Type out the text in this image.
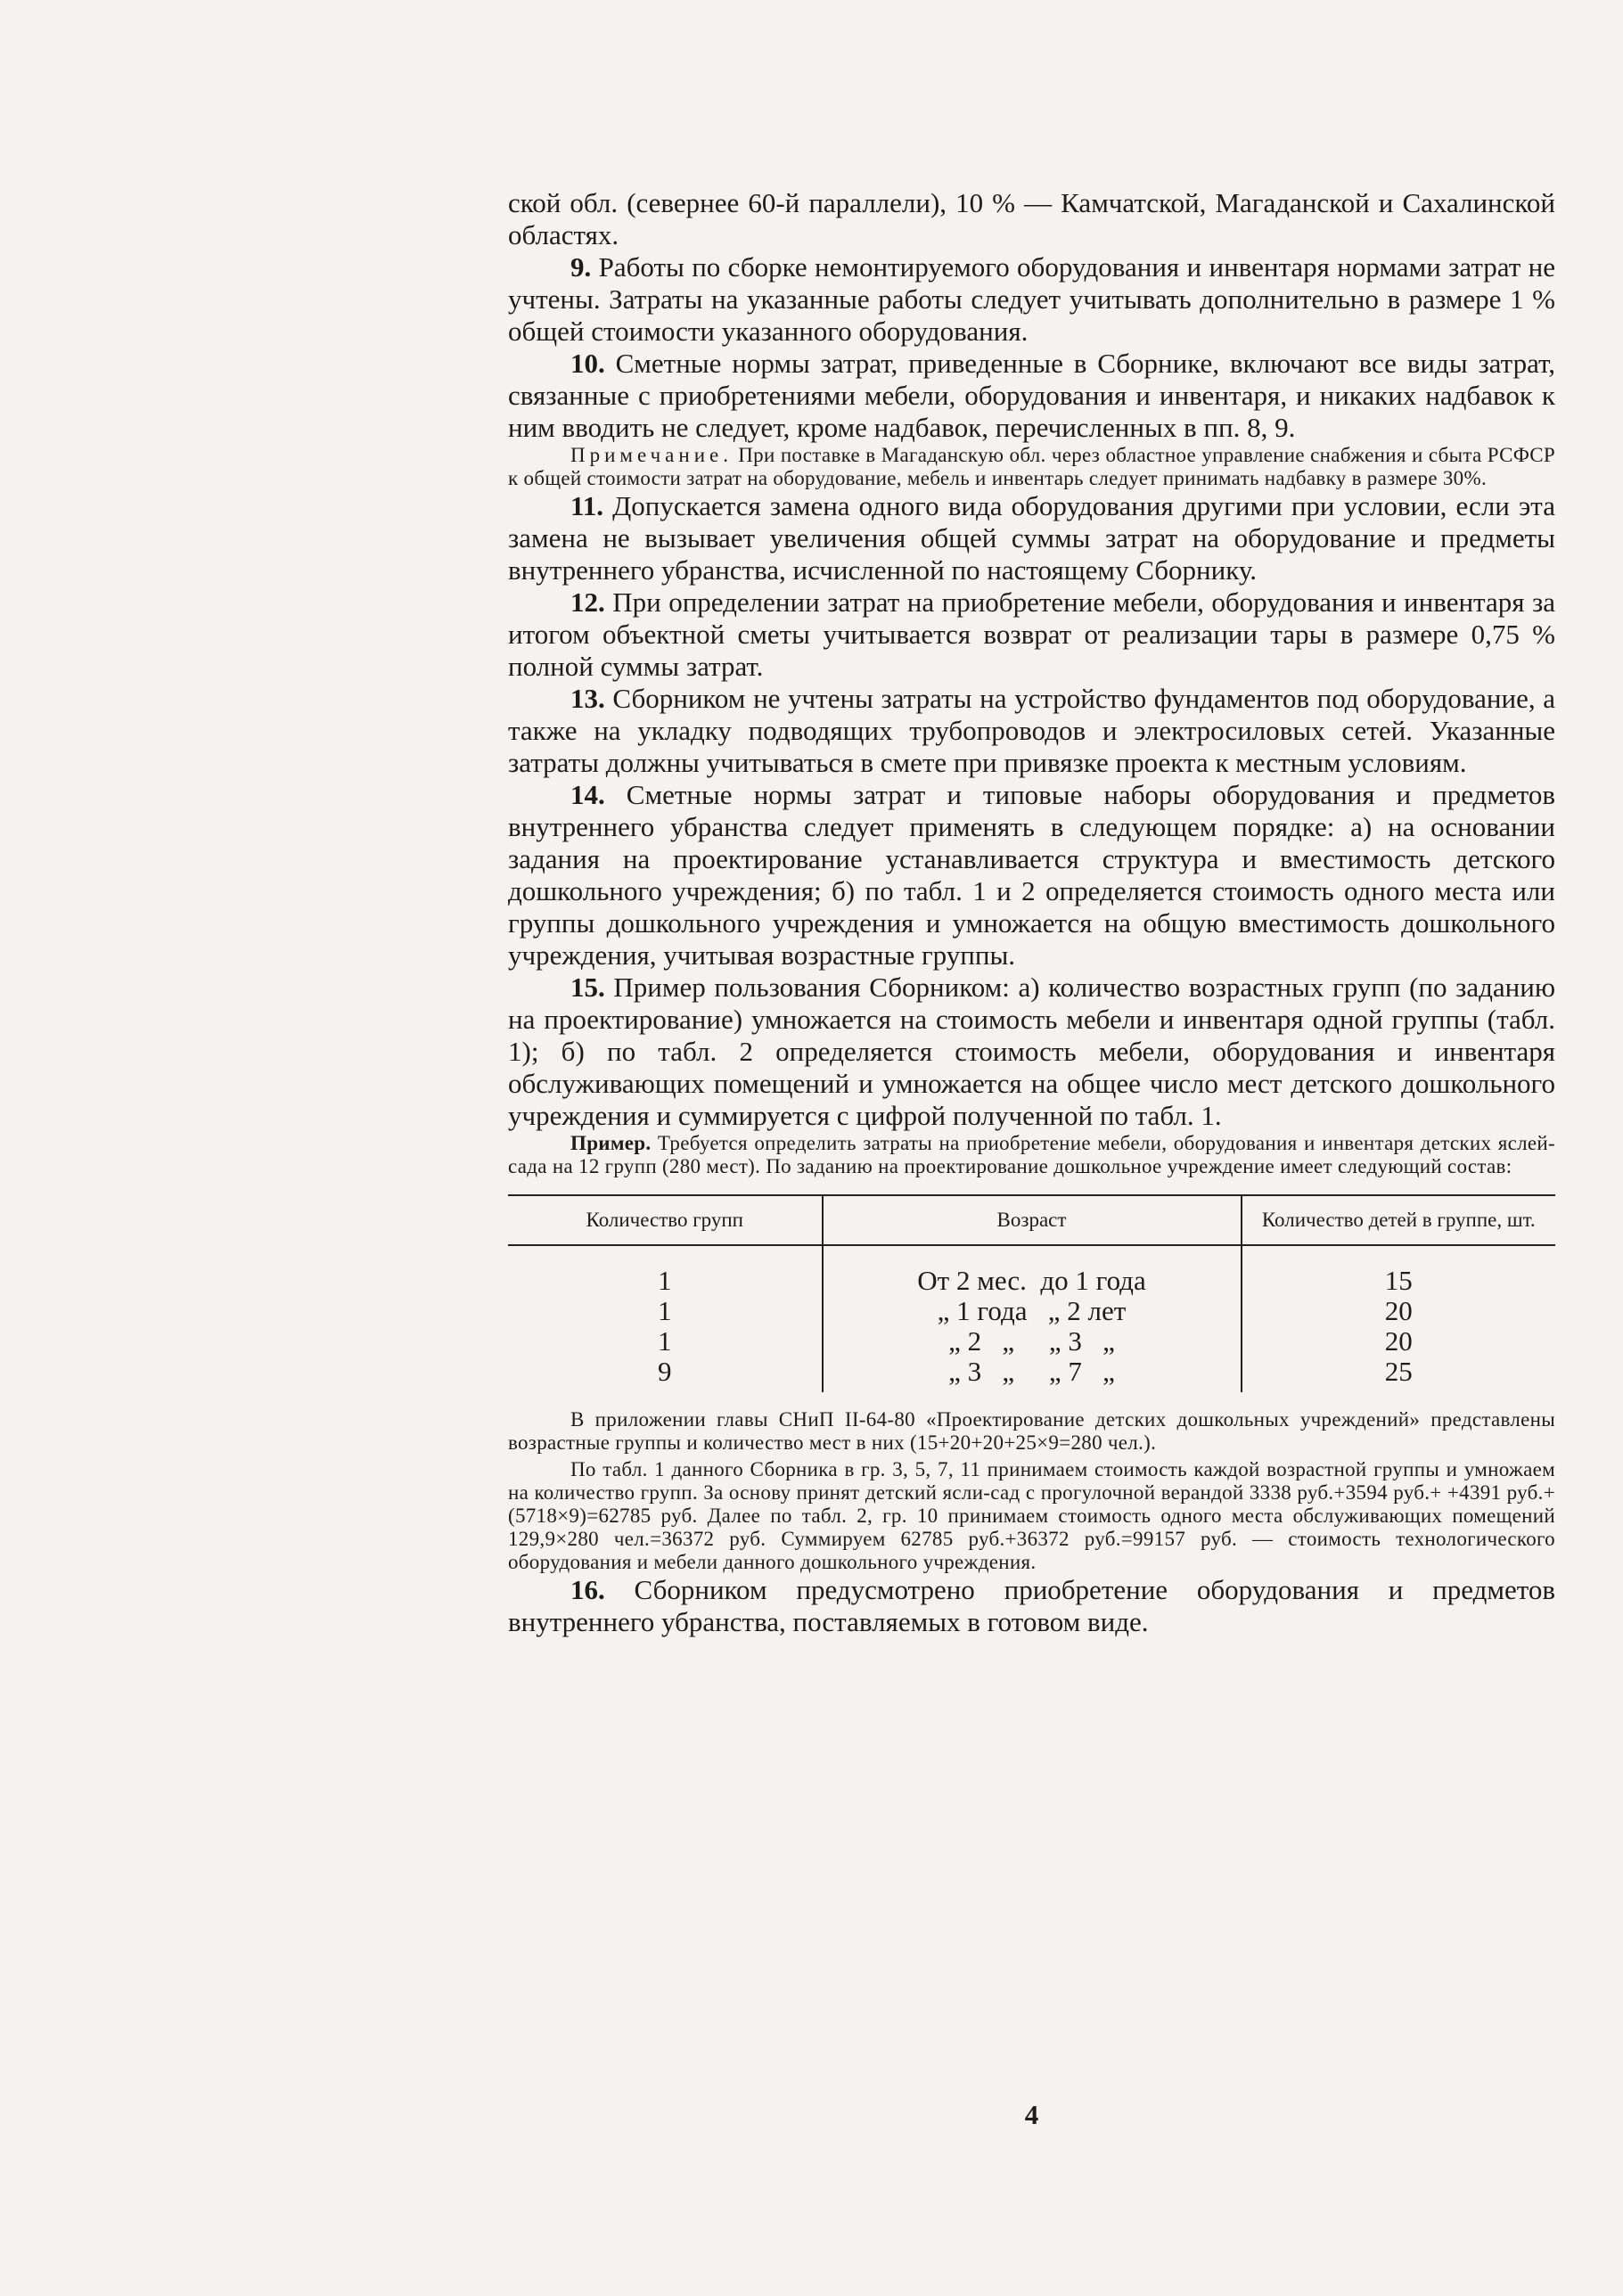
ской обл. (севернее 60-й параллели), 10 % — Камчатской, Магаданской и Сахалинской областях.

9. Работы по сборке немонтируемого оборудования и инвентаря нормами затрат не учтены. Затраты на указанные работы следует учитывать дополнительно в размере 1 % общей стоимости указанного оборудования.

10. Сметные нормы затрат, приведенные в Сборнике, включают все виды затрат, связанные с приобретениями мебели, оборудования и инвентаря, и никаких надбавок к ним вводить не следует, кроме надбавок, перечисленных в пп. 8, 9.

Примечание. При поставке в Магаданскую обл. через областное управление снабжения и сбыта РСФСР к общей стоимости затрат на оборудование, мебель и инвентарь следует принимать надбавку в размере 30%.

11. Допускается замена одного вида оборудования другими при условии, если эта замена не вызывает увеличения общей суммы затрат на оборудование и предметы внутреннего убранства, исчисленной по настоящему Сборнику.

12. При определении затрат на приобретение мебели, оборудования и инвентаря за итогом объектной сметы учитывается возврат от реализации тары в размере 0,75 % полной суммы затрат.

13. Сборником не учтены затраты на устройство фундаментов под оборудование, а также на укладку подводящих трубопроводов и электросиловых сетей. Указанные затраты должны учитываться в смете при привязке проекта к местным условиям.

14. Сметные нормы затрат и типовые наборы оборудования и предметов внутреннего убранства следует применять в следующем порядке: а) на основании задания на проектирование устанавливается структура и вместимость детского дошкольного учреждения; б) по табл. 1 и 2 определяется стоимость одного места или группы дошкольного учреждения и умножается на общую вместимость дошкольного учреждения, учитывая возрастные группы.

15. Пример пользования Сборником: а) количество возрастных групп (по заданию на проектирование) умножается на стоимость мебели и инвентаря одной группы (табл. 1); б) по табл. 2 определяется стоимость мебели, оборудования и инвентаря обслуживающих помещений и умножается на общее число мест детского дошкольного учреждения и суммируется с цифрой полученной по табл. 1.

Пример. Требуется определить затраты на приобретение мебели, оборудования и инвентаря детских яслей-сада на 12 групп (280 мест). По заданию на проектирование дошкольное учреждение имеет следующий состав:

Количество групп	Возраст	Количество детей в группе, шт.
1	От 2 мес.  до 1 года	15
1	„ 1 года   „ 2 лет	20
1	„ 2   „     „ 3   „	20
9	„ 3   „     „ 7   „	25

В приложении главы СНиП II-64-80 «Проектирование детских дошкольных учреждений» представлены возрастные группы и количество мест в них (15+20+20+25×9=280 чел.).

По табл. 1 данного Сборника в гр. 3, 5, 7, 11 принимаем стоимость каждой возрастной группы и умножаем на количество групп. За основу принят детский ясли-сад с прогулочной верандой 3338 руб.+3594 руб.+ +4391 руб.+(5718×9)=62785 руб. Далее по табл. 2, гр. 10 принимаем стоимость одного места обслуживающих помещений 129,9×280 чел.=36372 руб. Суммируем 62785 руб.+36372 руб.=99157 руб. — стоимость технологического оборудования и мебели данного дошкольного учреждения.

16. Сборником предусмотрено приобретение оборудования и предметов внутреннего убранства, поставляемых в готовом виде.

4
